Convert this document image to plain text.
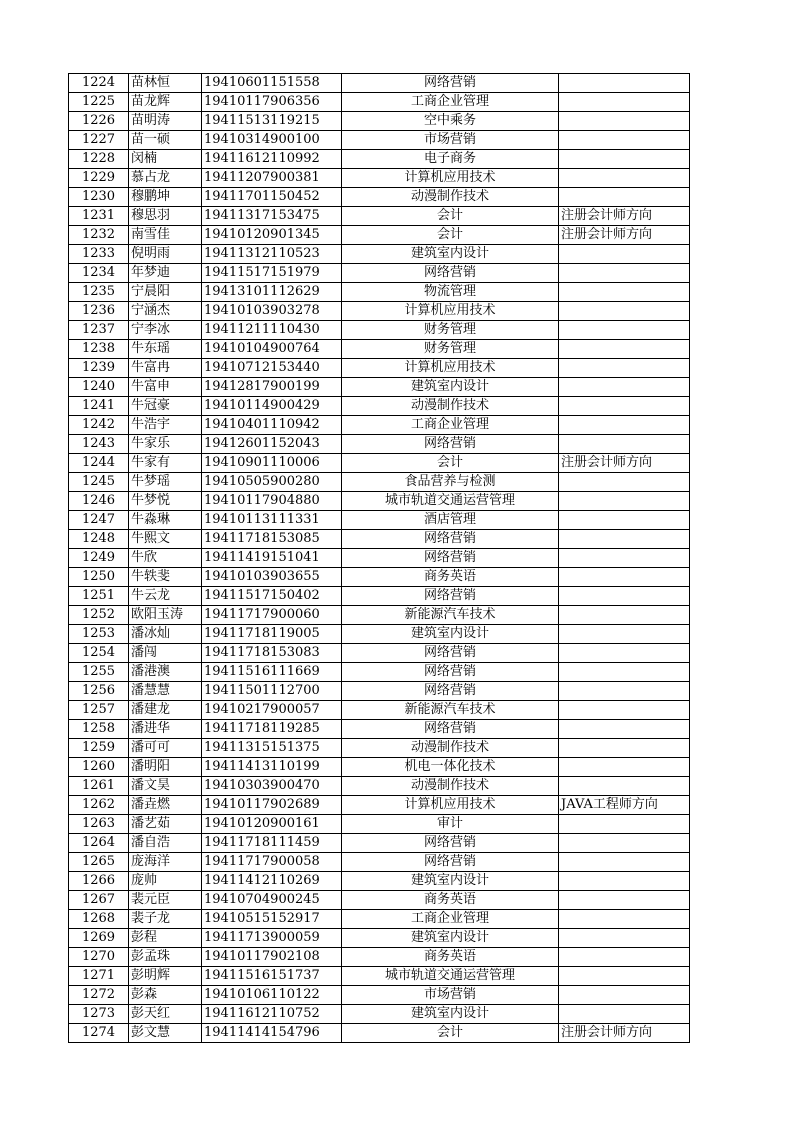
1224	苗林恒	19410601151558	网络营销	
1225	苗龙辉	19410117906356	工商企业管理	
1226	苗明涛	19411513119215	空中乘务	
1227	苗一硕	19410314900100	市场营销	
1228	闵楠	19411612110992	电子商务	
1229	慕占龙	19411207900381	计算机应用技术	
1230	穆鹏坤	19411701150452	动漫制作技术	
1231	穆思羽	19411317153475	会计	注册会计师方向
1232	南雪佳	19410120901345	会计	注册会计师方向
1233	倪明雨	19411312110523	建筑室内设计	
1234	年梦迪	19411517151979	网络营销	
1235	宁晨阳	19413101112629	物流管理	
1236	宁涵杰	19410103903278	计算机应用技术	
1237	宁李冰	19411211110430	财务管理	
1238	牛东瑶	19410104900764	财务管理	
1239	牛富冉	19410712153440	计算机应用技术	
1240	牛富申	19412817900199	建筑室内设计	
1241	牛冠豪	19410114900429	动漫制作技术	
1242	牛浩宇	19410401110942	工商企业管理	
1243	牛家乐	19412601152043	网络营销	
1244	牛家有	19410901110006	会计	注册会计师方向
1245	牛梦瑶	19410505900280	食品营养与检测	
1246	牛梦悦	19410117904880	城市轨道交通运营管理	
1247	牛淼琳	19410113111331	酒店管理	
1248	牛熙文	19411718153085	网络营销	
1249	牛欣	19411419151041	网络营销	
1250	牛轶斐	19410103903655	商务英语	
1251	牛云龙	19411517150402	网络营销	
1252	欧阳玉涛	19411717900060	新能源汽车技术	
1253	潘冰灿	19411718119005	建筑室内设计	
1254	潘闯	19411718153083	网络营销	
1255	潘港澳	19411516111669	网络营销	
1256	潘慧慧	19411501112700	网络营销	
1257	潘建龙	19410217900057	新能源汽车技术	
1258	潘进华	19411718119285	网络营销	
1259	潘可可	19411315151375	动漫制作技术	
1260	潘明阳	19411413110199	机电一体化技术	
1261	潘文昊	19410303900470	动漫制作技术	
1262	潘垚燃	19410117902689	计算机应用技术	JAVA工程师方向
1263	潘艺茹	19410120900161	审计	
1264	潘自浩	19411718111459	网络营销	
1265	庞海洋	19411717900058	网络营销	
1266	庞帅	19411412110269	建筑室内设计	
1267	裴元臣	19410704900245	商务英语	
1268	裴子龙	19410515152917	工商企业管理	
1269	彭程	19411713900059	建筑室内设计	
1270	彭孟珠	19410117902108	商务英语	
1271	彭明辉	19411516151737	城市轨道交通运营管理	
1272	彭森	19410106110122	市场营销	
1273	彭天红	19411612110752	建筑室内设计	
1274	彭文慧	19411414154796	会计	注册会计师方向
